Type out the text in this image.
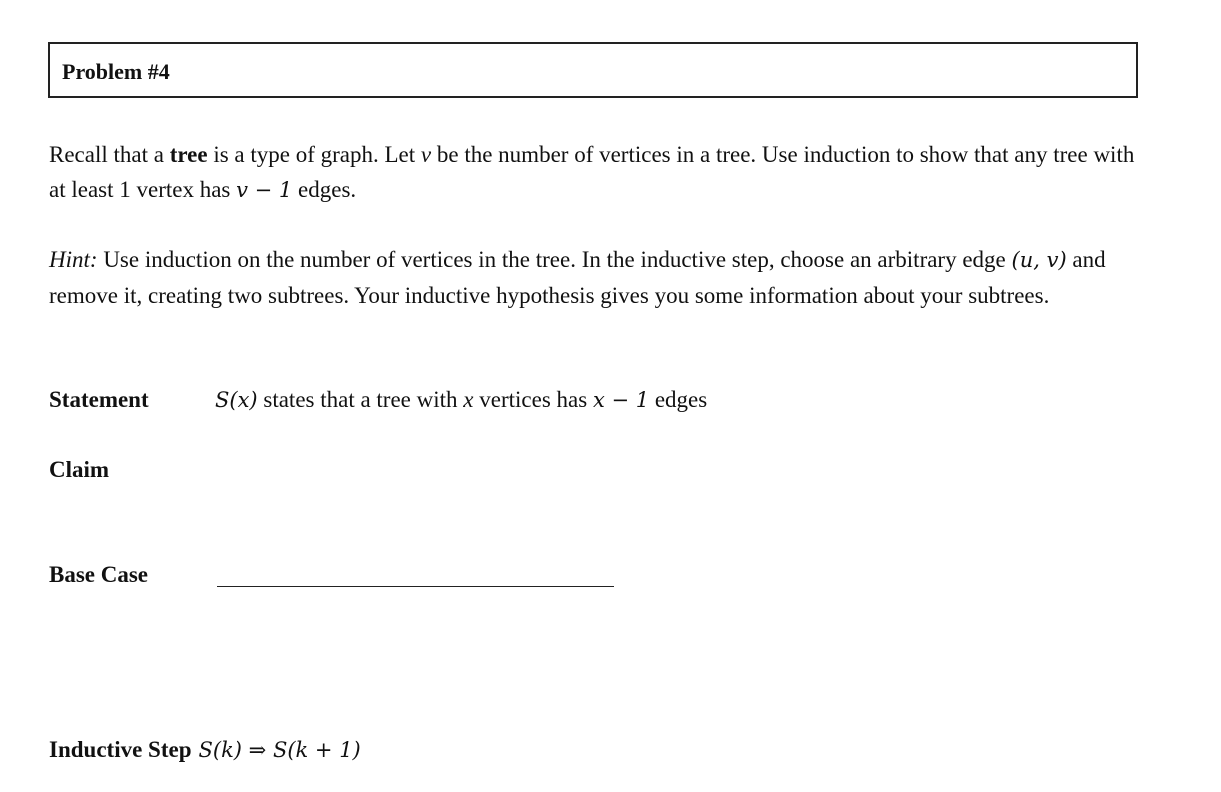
Problem #4
Recall that a tree is a type of graph. Let v be the number of vertices in a tree. Use induction to show that any tree with at least 1 vertex has v − 1 edges.
Hint: Use induction on the number of vertices in the tree. In the inductive step, choose an arbitrary edge (u, v) and remove it, creating two subtrees. Your inductive hypothesis gives you some information about your subtrees.
Statement	S(x) states that a tree with x vertices has x − 1 edges
Claim
Base Case
Inductive Step S(k) ⇒ S(k + 1)
